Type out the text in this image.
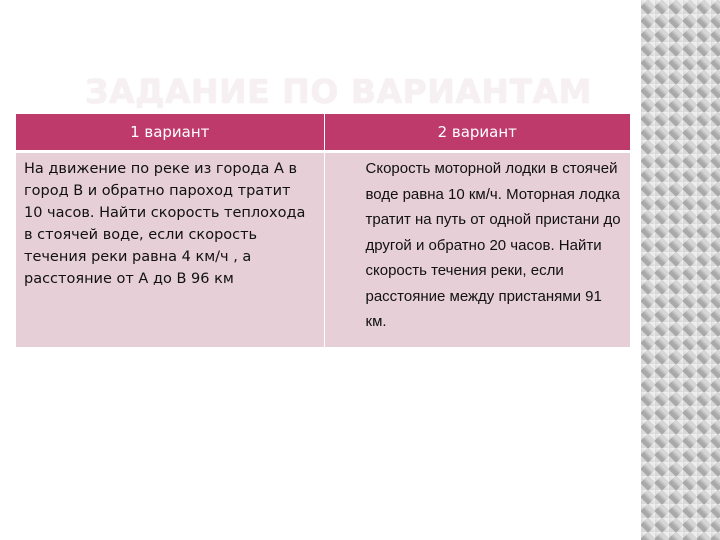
ЗАДАНИЕ ПО ВАРИАНТАМ
1 вариант	2 вариант

На движение по реке из города А в город В и обратно пароход тратит 10 часов. Найти скорость теплохода в стоячей воде, если скорость течения реки равна 4 км/ч , а расстояние от А до В 96 км	Скорость моторной лодки в стоячей воде равна 10 км/ч. Моторная лодка тратит на путь от одной пристани до другой и обратно 20 часов. Найти скорость течения реки, если расстояние между пристанями 91 км.
